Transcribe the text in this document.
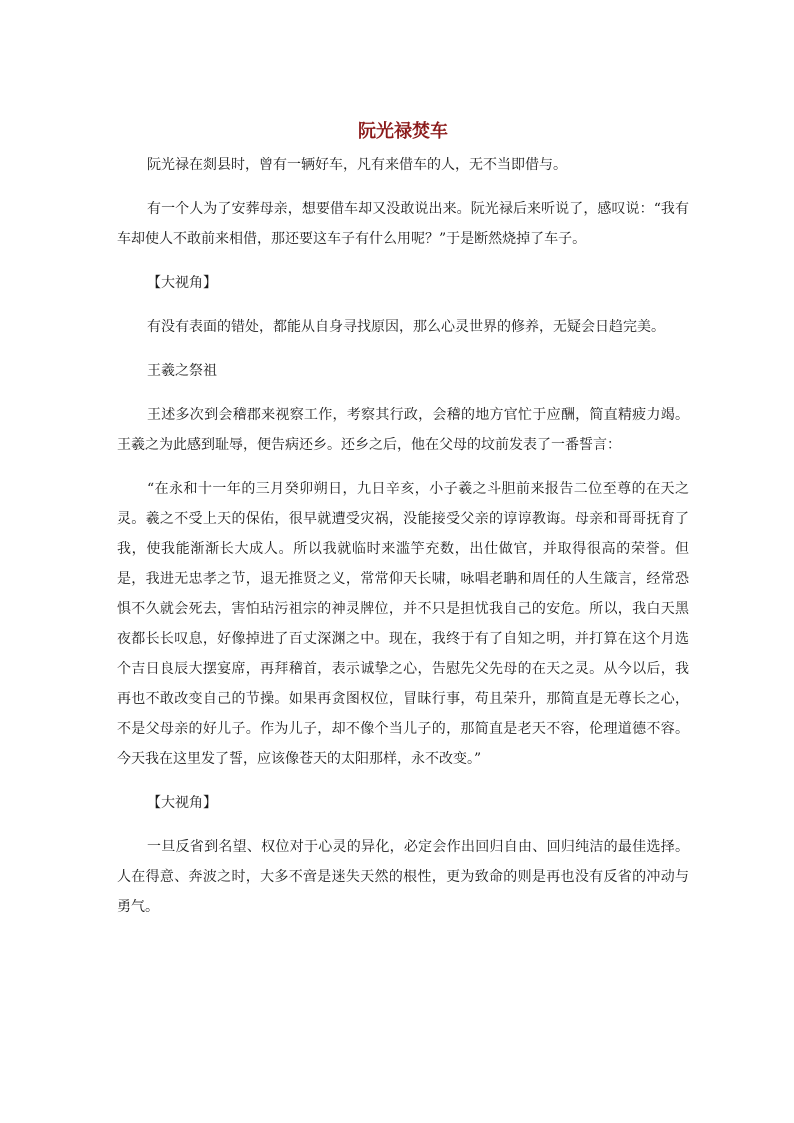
阮光禄焚车

阮光禄在剡县时，曾有一辆好车，凡有来借车的人，无不当即借与。

有一个人为了安葬母亲，想要借车却又没敢说出来。阮光禄后来听说了，感叹说：“我有车却使人不敢前来相借，那还要这车子有什么用呢？”于是断然烧掉了车子。

【大视角】

有没有表面的错处，都能从自身寻找原因，那么心灵世界的修养，无疑会日趋完美。

王羲之祭祖

王述多次到会稽郡来视察工作，考察其行政，会稽的地方官忙于应酬，简直精疲力竭。王羲之为此感到耻辱，便告病还乡。还乡之后，他在父母的坟前发表了一番誓言：

“在永和十一年的三月癸卯朔日，九日辛亥，小子羲之斗胆前来报告二位至尊的在天之灵。羲之不受上天的保佑，很早就遭受灾祸，没能接受父亲的谆谆教诲。母亲和哥哥抚育了我，使我能渐渐长大成人。所以我就临时来滥竽充数，出仕做官，并取得很高的荣誉。但是，我进无忠孝之节，退无推贤之义，常常仰天长啸，咏唱老聃和周任的人生箴言，经常恐惧不久就会死去，害怕玷污祖宗的神灵牌位，并不只是担忧我自己的安危。所以，我白天黑夜都长长叹息，好像掉进了百丈深渊之中。现在，我终于有了自知之明，并打算在这个月选个吉日良辰大摆宴席，再拜稽首，表示诚挚之心，告慰先父先母的在天之灵。从今以后，我再也不敢改变自己的节操。如果再贪图权位，冒昧行事，苟且荣升，那简直是无尊长之心，不是父母亲的好儿子。作为儿子，却不像个当儿子的，那简直是老天不容，伦理道德不容。今天我在这里发了誓，应该像苍天的太阳那样，永不改变。”

【大视角】

一旦反省到名望、权位对于心灵的异化，必定会作出回归自由、回归纯洁的最佳选择。人在得意、奔波之时，大多不啻是迷失天然的根性，更为致命的则是再也没有反省的冲动与勇气。
